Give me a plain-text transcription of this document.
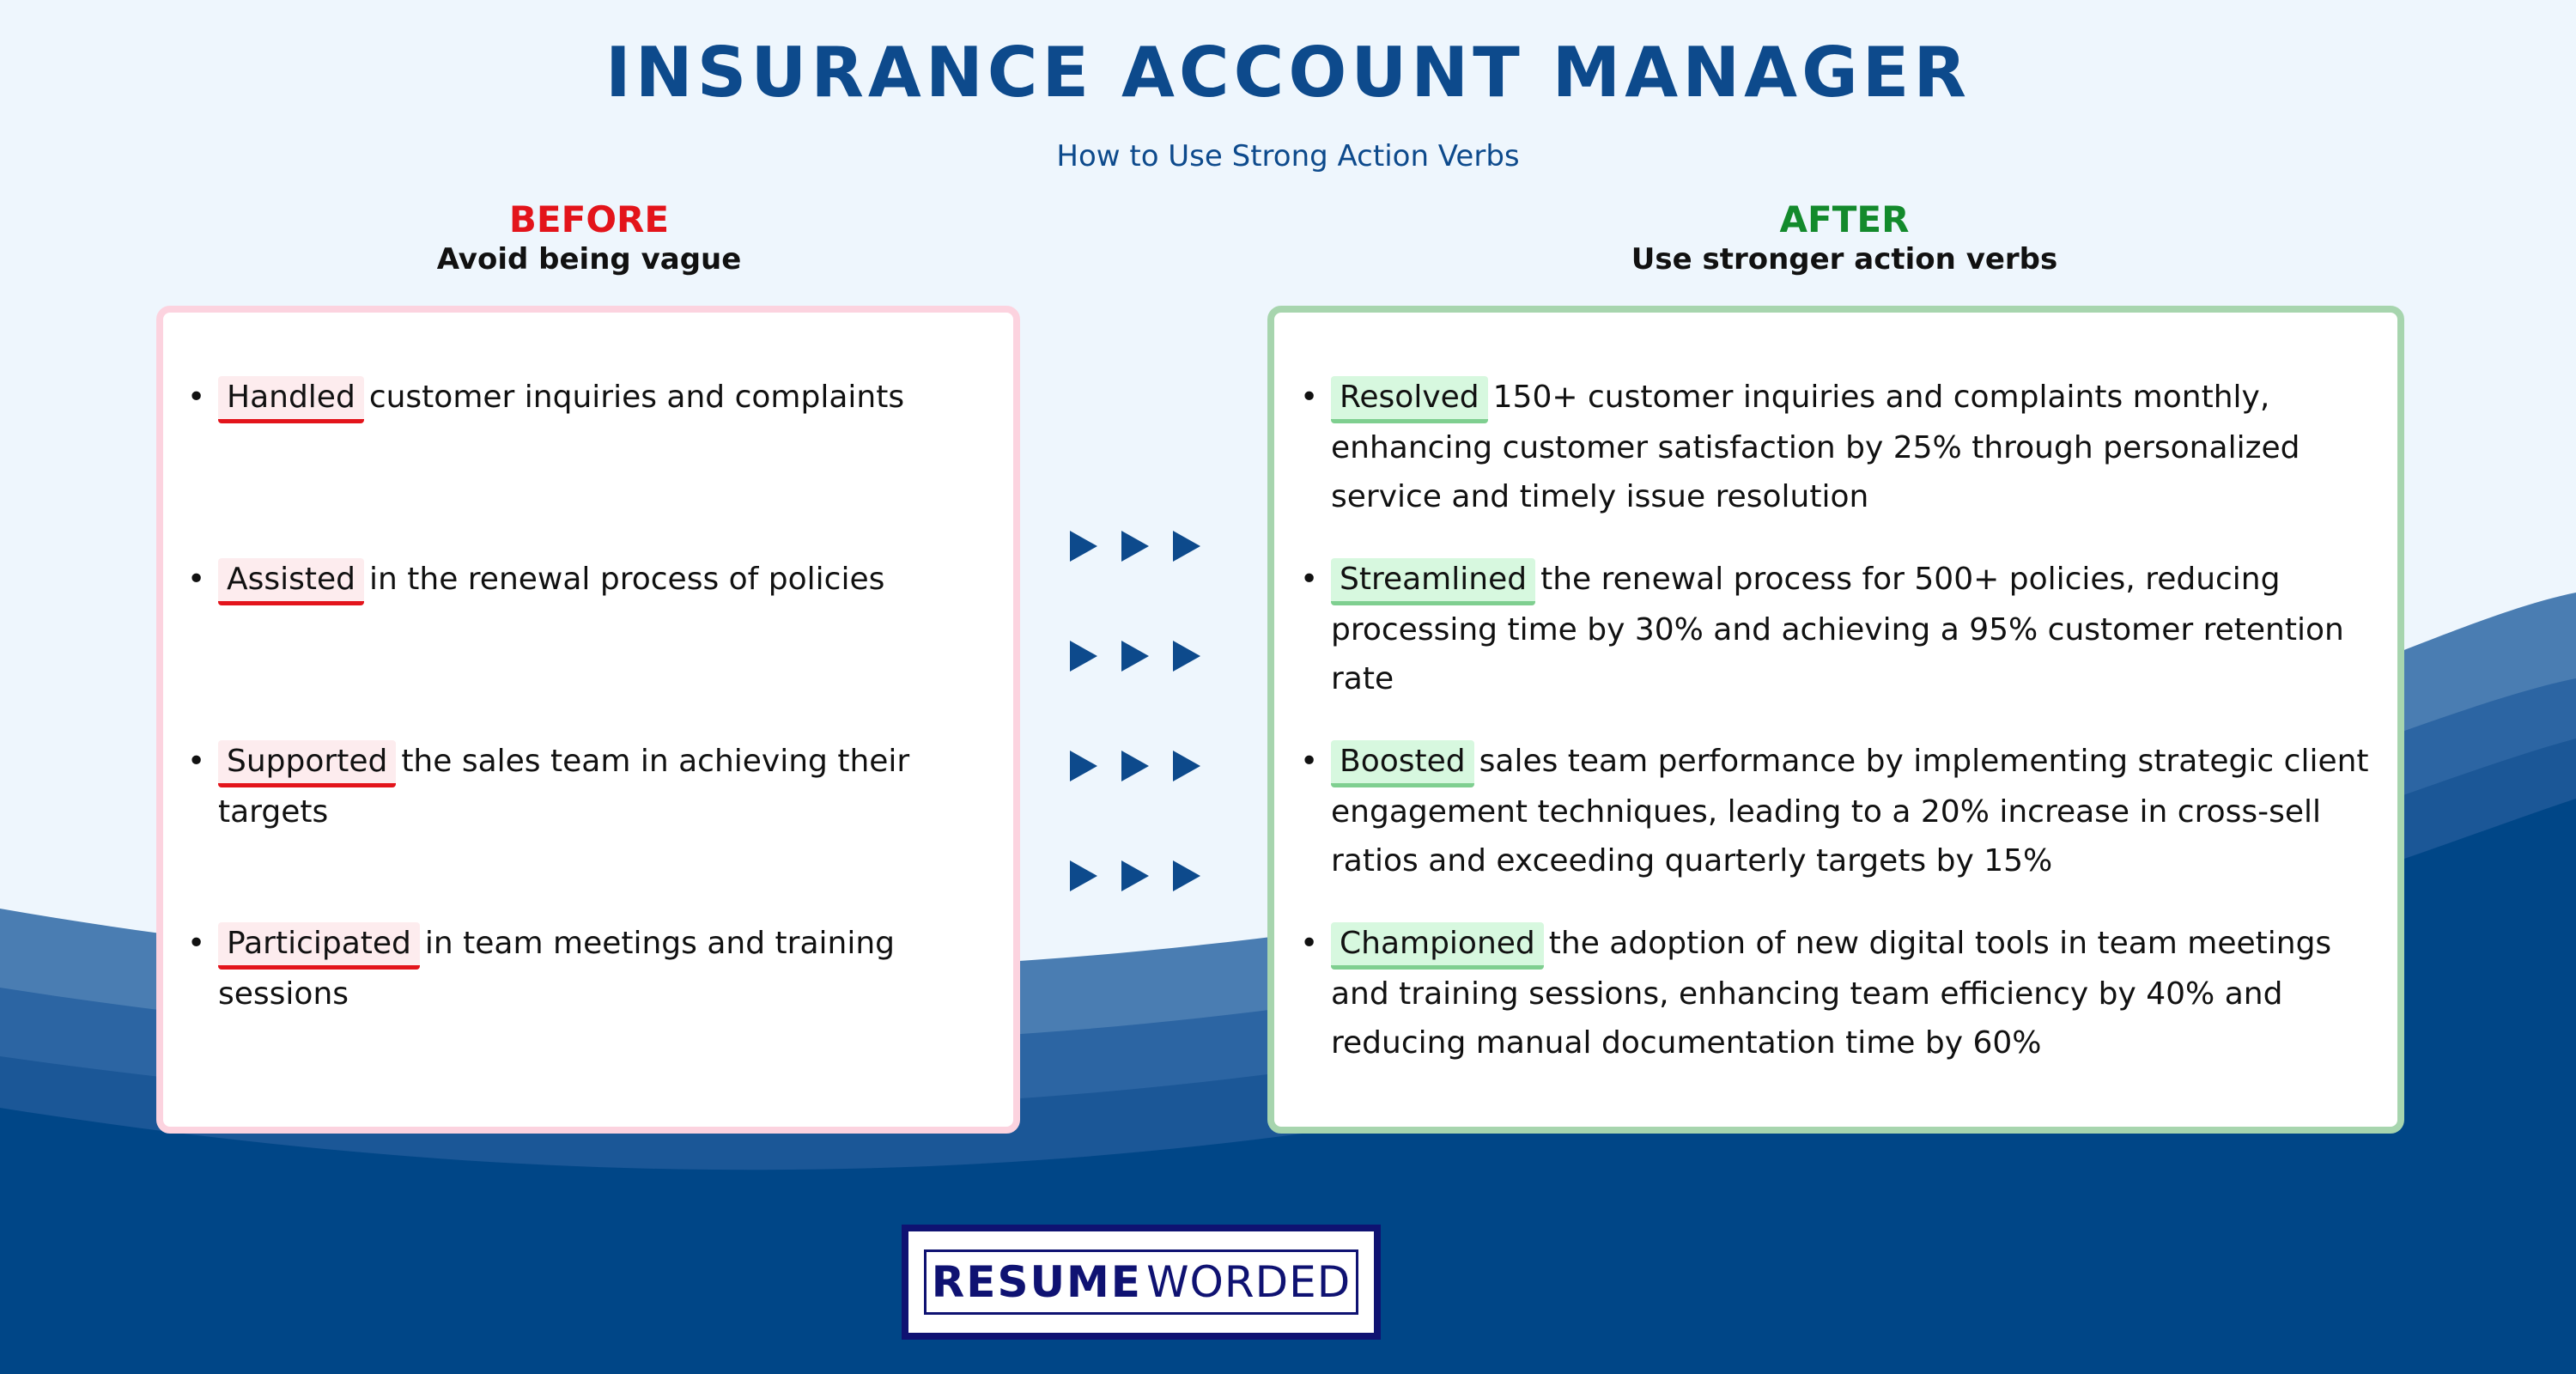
INSURANCE ACCOUNT MANAGER
How to Use Strong Action Verbs
BEFORE
Avoid being vague
AFTER
Use stronger action verbs
• Handled customer inquiries and complaints
• Assisted in the renewal process of policies
• Supported the sales team in achieving their targets
• Participated in team meetings and training sessions
• Resolved 150+ customer inquiries and complaints monthly, enhancing customer satisfaction by 25% through personalized service and timely issue resolution
• Streamlined the renewal process for 500+ policies, reducing processing time by 30% and achieving a 95% customer retention rate
• Boosted sales team performance by implementing strategic client engagement techniques, leading to a 20% increase in cross-sell ratios and exceeding quarterly targets by 15%
• Championed the adoption of new digital tools in team meetings and training sessions, enhancing team efficiency by 40% and reducing manual documentation time by 60%
RESUME WORDED
